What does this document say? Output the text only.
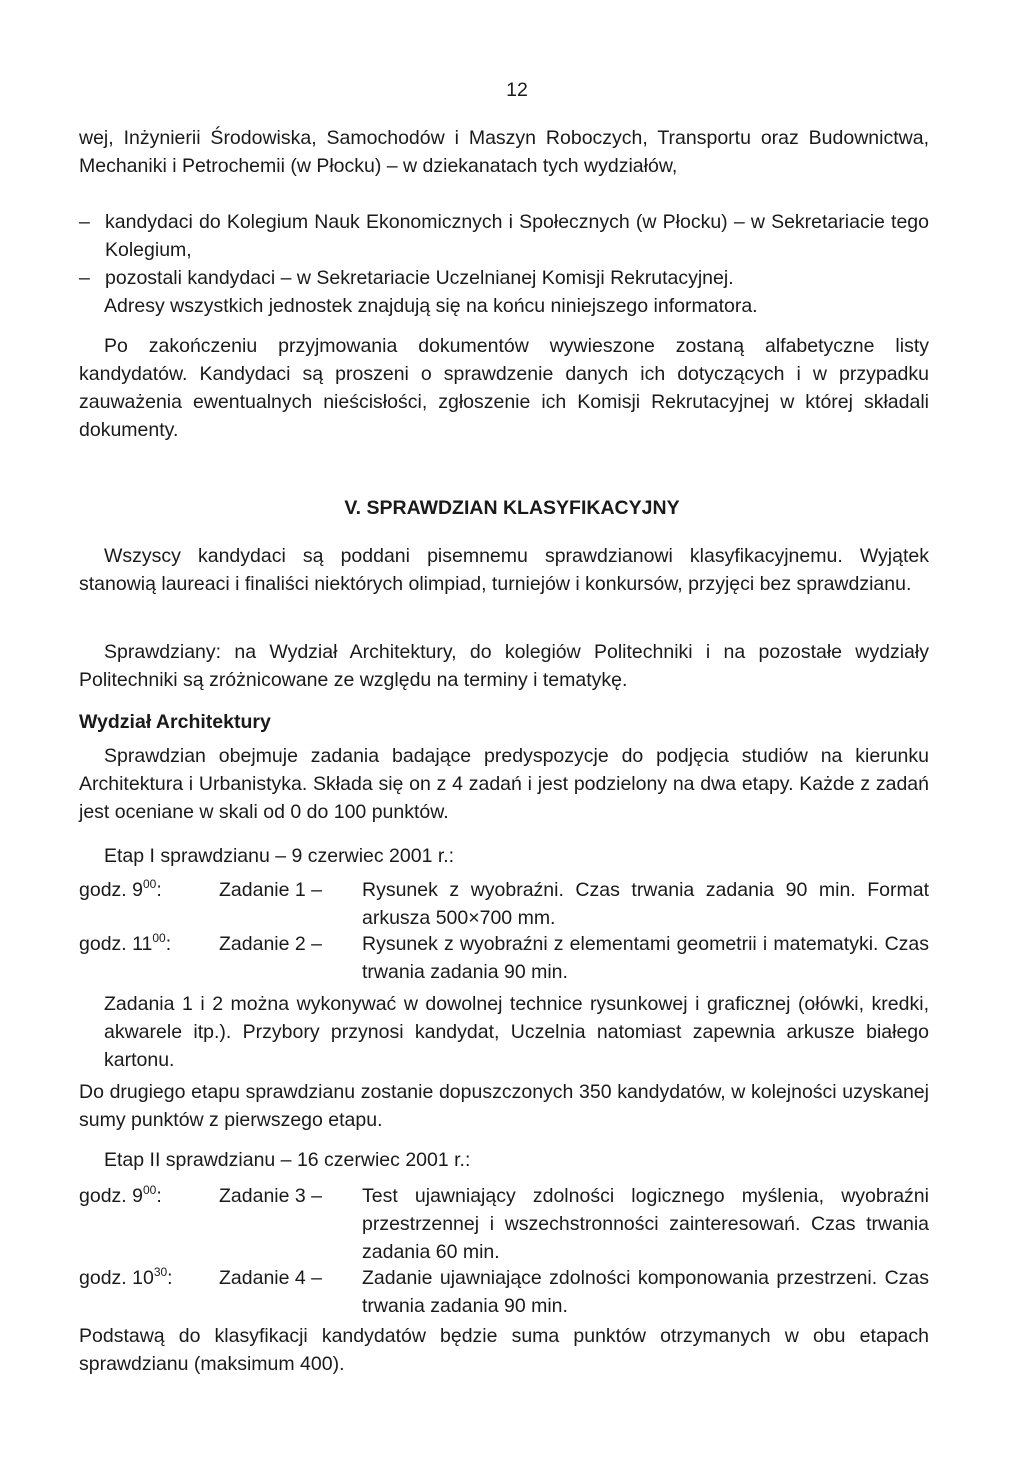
12

wej, Inżynierii Środowiska, Samochodów i Maszyn Roboczych, Transportu oraz Budownictwa, Mechaniki i Petrochemii (w Płocku) – w dziekanatach tych wydziałów,

– kandydaci do Kolegium Nauk Ekonomicznych i Społecznych (w Płocku) – w Sekretariacie tego Kolegium,
– pozostali kandydaci – w Sekretariacie Uczelnianej Komisji Rekrutacyjnej.

Adresy wszystkich jednostek znajdują się na końcu niniejszego informatora.

Po zakończeniu przyjmowania dokumentów wywieszone zostaną alfabetyczne listy kandydatów. Kandydaci są proszeni o sprawdzenie danych ich dotyczących i w przypadku zauważenia ewentualnych nieścisłości, zgłoszenie ich Komisji Rekrutacyjnej w której składali dokumenty.

V. SPRAWDZIAN KLASYFIKACYJNY

Wszyscy kandydaci są poddani pisemnemu sprawdzianowi klasyfikacyjnemu. Wyjątek stanowią laureaci i finaliści niektórych olimpiad, turniejów i konkursów, przyjęci bez sprawdzianu.

Sprawdziany: na Wydział Architektury, do kolegiów Politechniki i na pozostałe wydziały Politechniki są zróżnicowane ze względu na terminy i tematykę.

Wydział Architektury

Sprawdzian obejmuje zadania badające predyspozycje do podjęcia studiów na kierunku Architektura i Urbanistyka. Składa się on z 4 zadań i jest podzielony na dwa etapy. Każde z zadań jest oceniane w skali od 0 do 100 punktów.

Etap I sprawdzianu – 9 czerwiec 2001 r.:

godz. $9^{00}$:	Zadanie 1 – Rysunek z wyobraźni. Czas trwania zadania 90 min. Format arkusza 500×700 mm.
godz. $11^{00}$: Zadanie 2 – Rysunek z wyobraźni z elementami geometrii i matematyki. Czas trwania zadania 90 min.

Zadania 1 i 2 można wykonywać w dowolnej technice rysunkowej i graficznej (ołówki, kredki, akwarele itp.). Przybory przynosi kandydat, Uczelnia natomiast zapewnia arkusze białego kartonu.

Do drugiego etapu sprawdzianu zostanie dopuszczonych 350 kandydatów, w kolejności uzyskanej sumy punktów z pierwszego etapu.

Etap II sprawdzianu – 16 czerwiec 2001 r.:

godz. $9^{00}$:	Zadanie 3 – Test ujawniający zdolności logicznego myślenia, wyobraźni przestrzennej i wszechstronności zainteresowań. Czas trwania zadania 60 min.
godz. $10^{30}$: Zadanie 4 – Zadanie ujawniające zdolności komponowania przestrzeni. Czas trwania zadania 90 min.

Podstawą do klasyfikacji kandydatów będzie suma punktów otrzymanych w obu etapach sprawdzianu (maksimum 400).
